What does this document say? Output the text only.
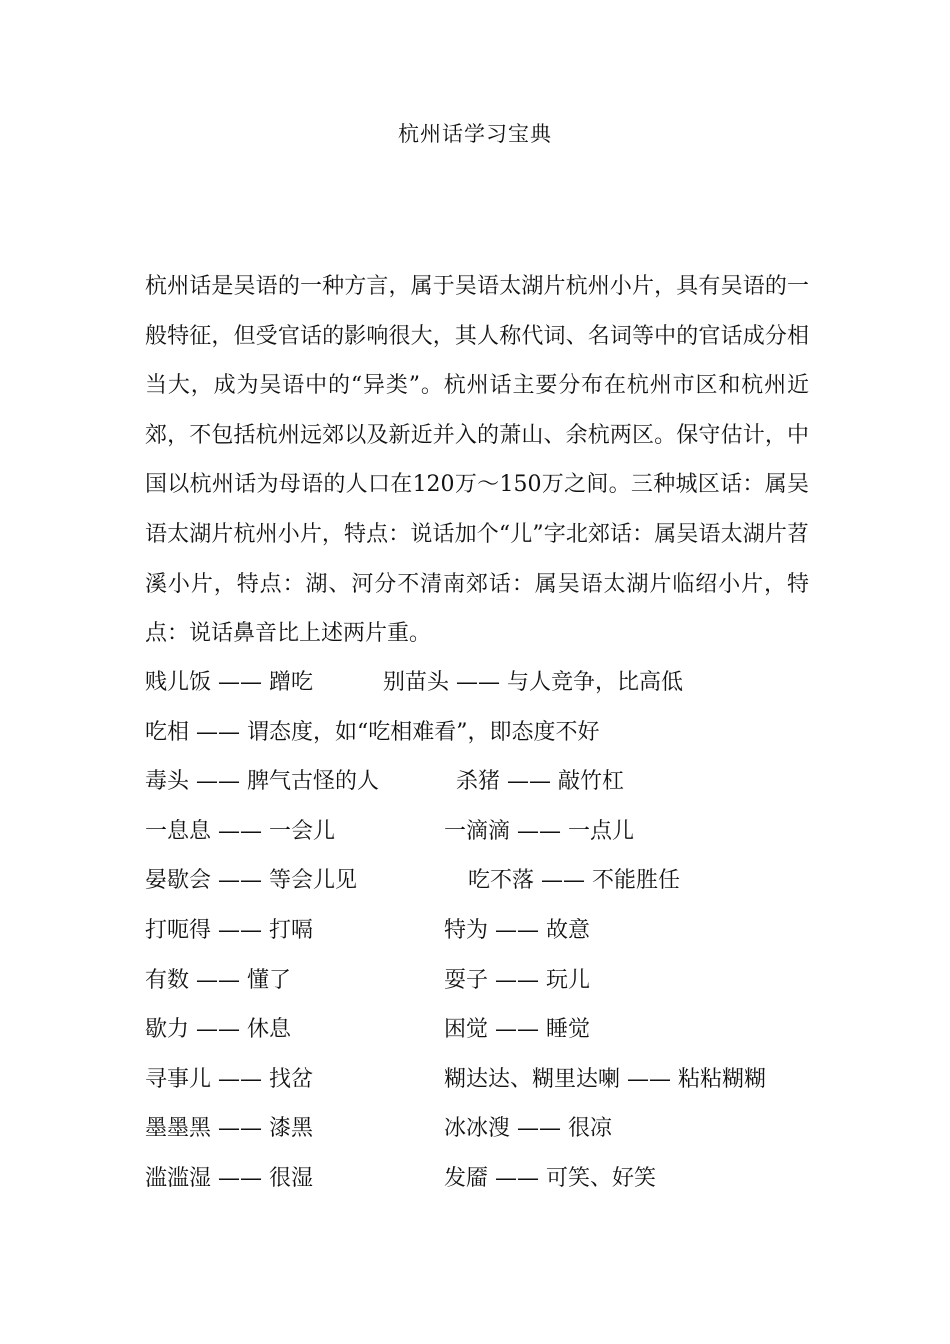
杭州话学习宝典
杭州话是吴语的一种方言，属于吴语太湖片杭州小片，具有吴语的一般特征，但受官话的影响很大，其人称代词、名词等中的官话成分相当大，成为吴语中的“异类”。杭州话主要分布在杭州市区和杭州近郊，不包括杭州远郊以及新近并入的萧山、余杭两区。保守估计，中国以杭州话为母语的人口在120万～150万之间。三种城区话：属吴语太湖片杭州小片，特点：说话加个“儿”字北郊话：属吴语太湖片苕溪小片，特点：湖、河分不清南郊话：属吴语太湖片临绍小片，特点：说话鼻音比上述两片重。
贱儿饭 —— 蹭吃	别苗头 —— 与人竞争，比高低
吃相 —— 谓态度，如“吃相难看”，即态度不好
毒头 —— 脾气古怪的人	杀猪 —— 敲竹杠
一息息 —— 一会儿	一滴滴 —— 一点儿
晏歇会 —— 等会儿见	吃不落 —— 不能胜任
打呃得 —— 打嗝	特为 —— 故意
有数 —— 懂了	耍子 —— 玩儿
歇力 —— 休息	困觉 —— 睡觉
寻事儿 —— 找岔	糊达达、糊里达喇 —— 粘粘糊糊
墨墨黑 —— 漆黑	冰冰溲 —— 很凉
滥滥湿 —— 很湿	发靥 —— 可笑、好笑
